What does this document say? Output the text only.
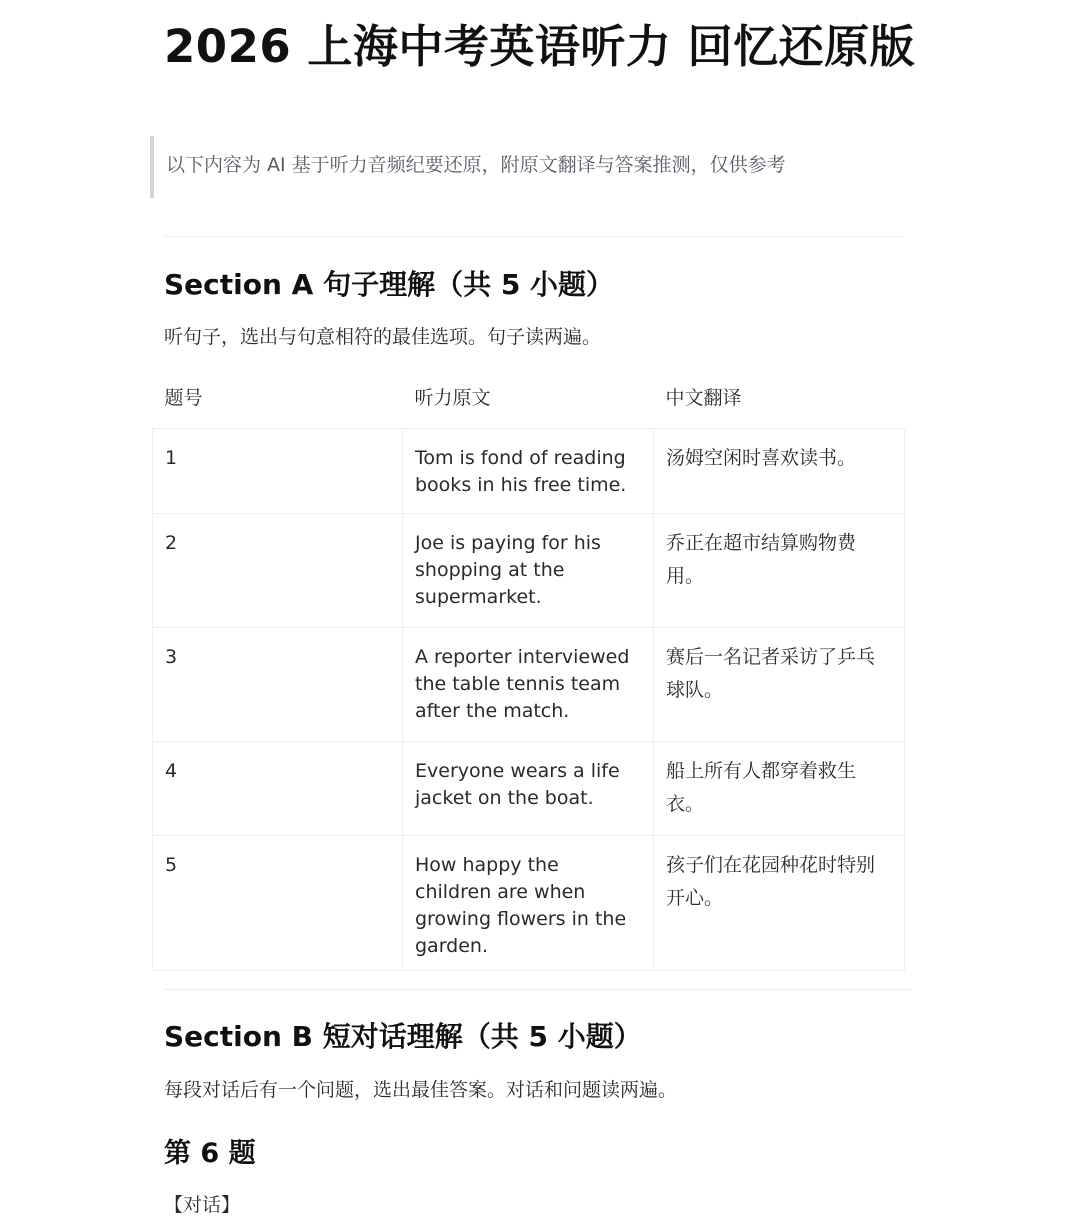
2026 上海中考英语听力 回忆还原版
以下内容为 AI 基于听力音频纪要还原，附原文翻译与答案推测，仅供参考
Section A 句子理解（共 5 小题）

听句子，选出与句意相符的最佳选项。句子读两遍。

题号	听力原文	中文翻译
1	Tom is fond of reading books in his free time.	汤姆空闲时喜欢读书。
2	Joe is paying for his shopping at the supermarket.	乔正在超市结算购物费用。
3	A reporter interviewed the table tennis team after the match.	赛后一名记者采访了乒乓球队。
4	Everyone wears a life jacket on the boat.	船上所有人都穿着救生衣。
5	How happy the children are when growing flowers in the garden.	孩子们在花园种花时特别开心。
Section B 短对话理解（共 5 小题）

每段对话后有一个问题，选出最佳答案。对话和问题读两遍。

第 6 题

【对话】
